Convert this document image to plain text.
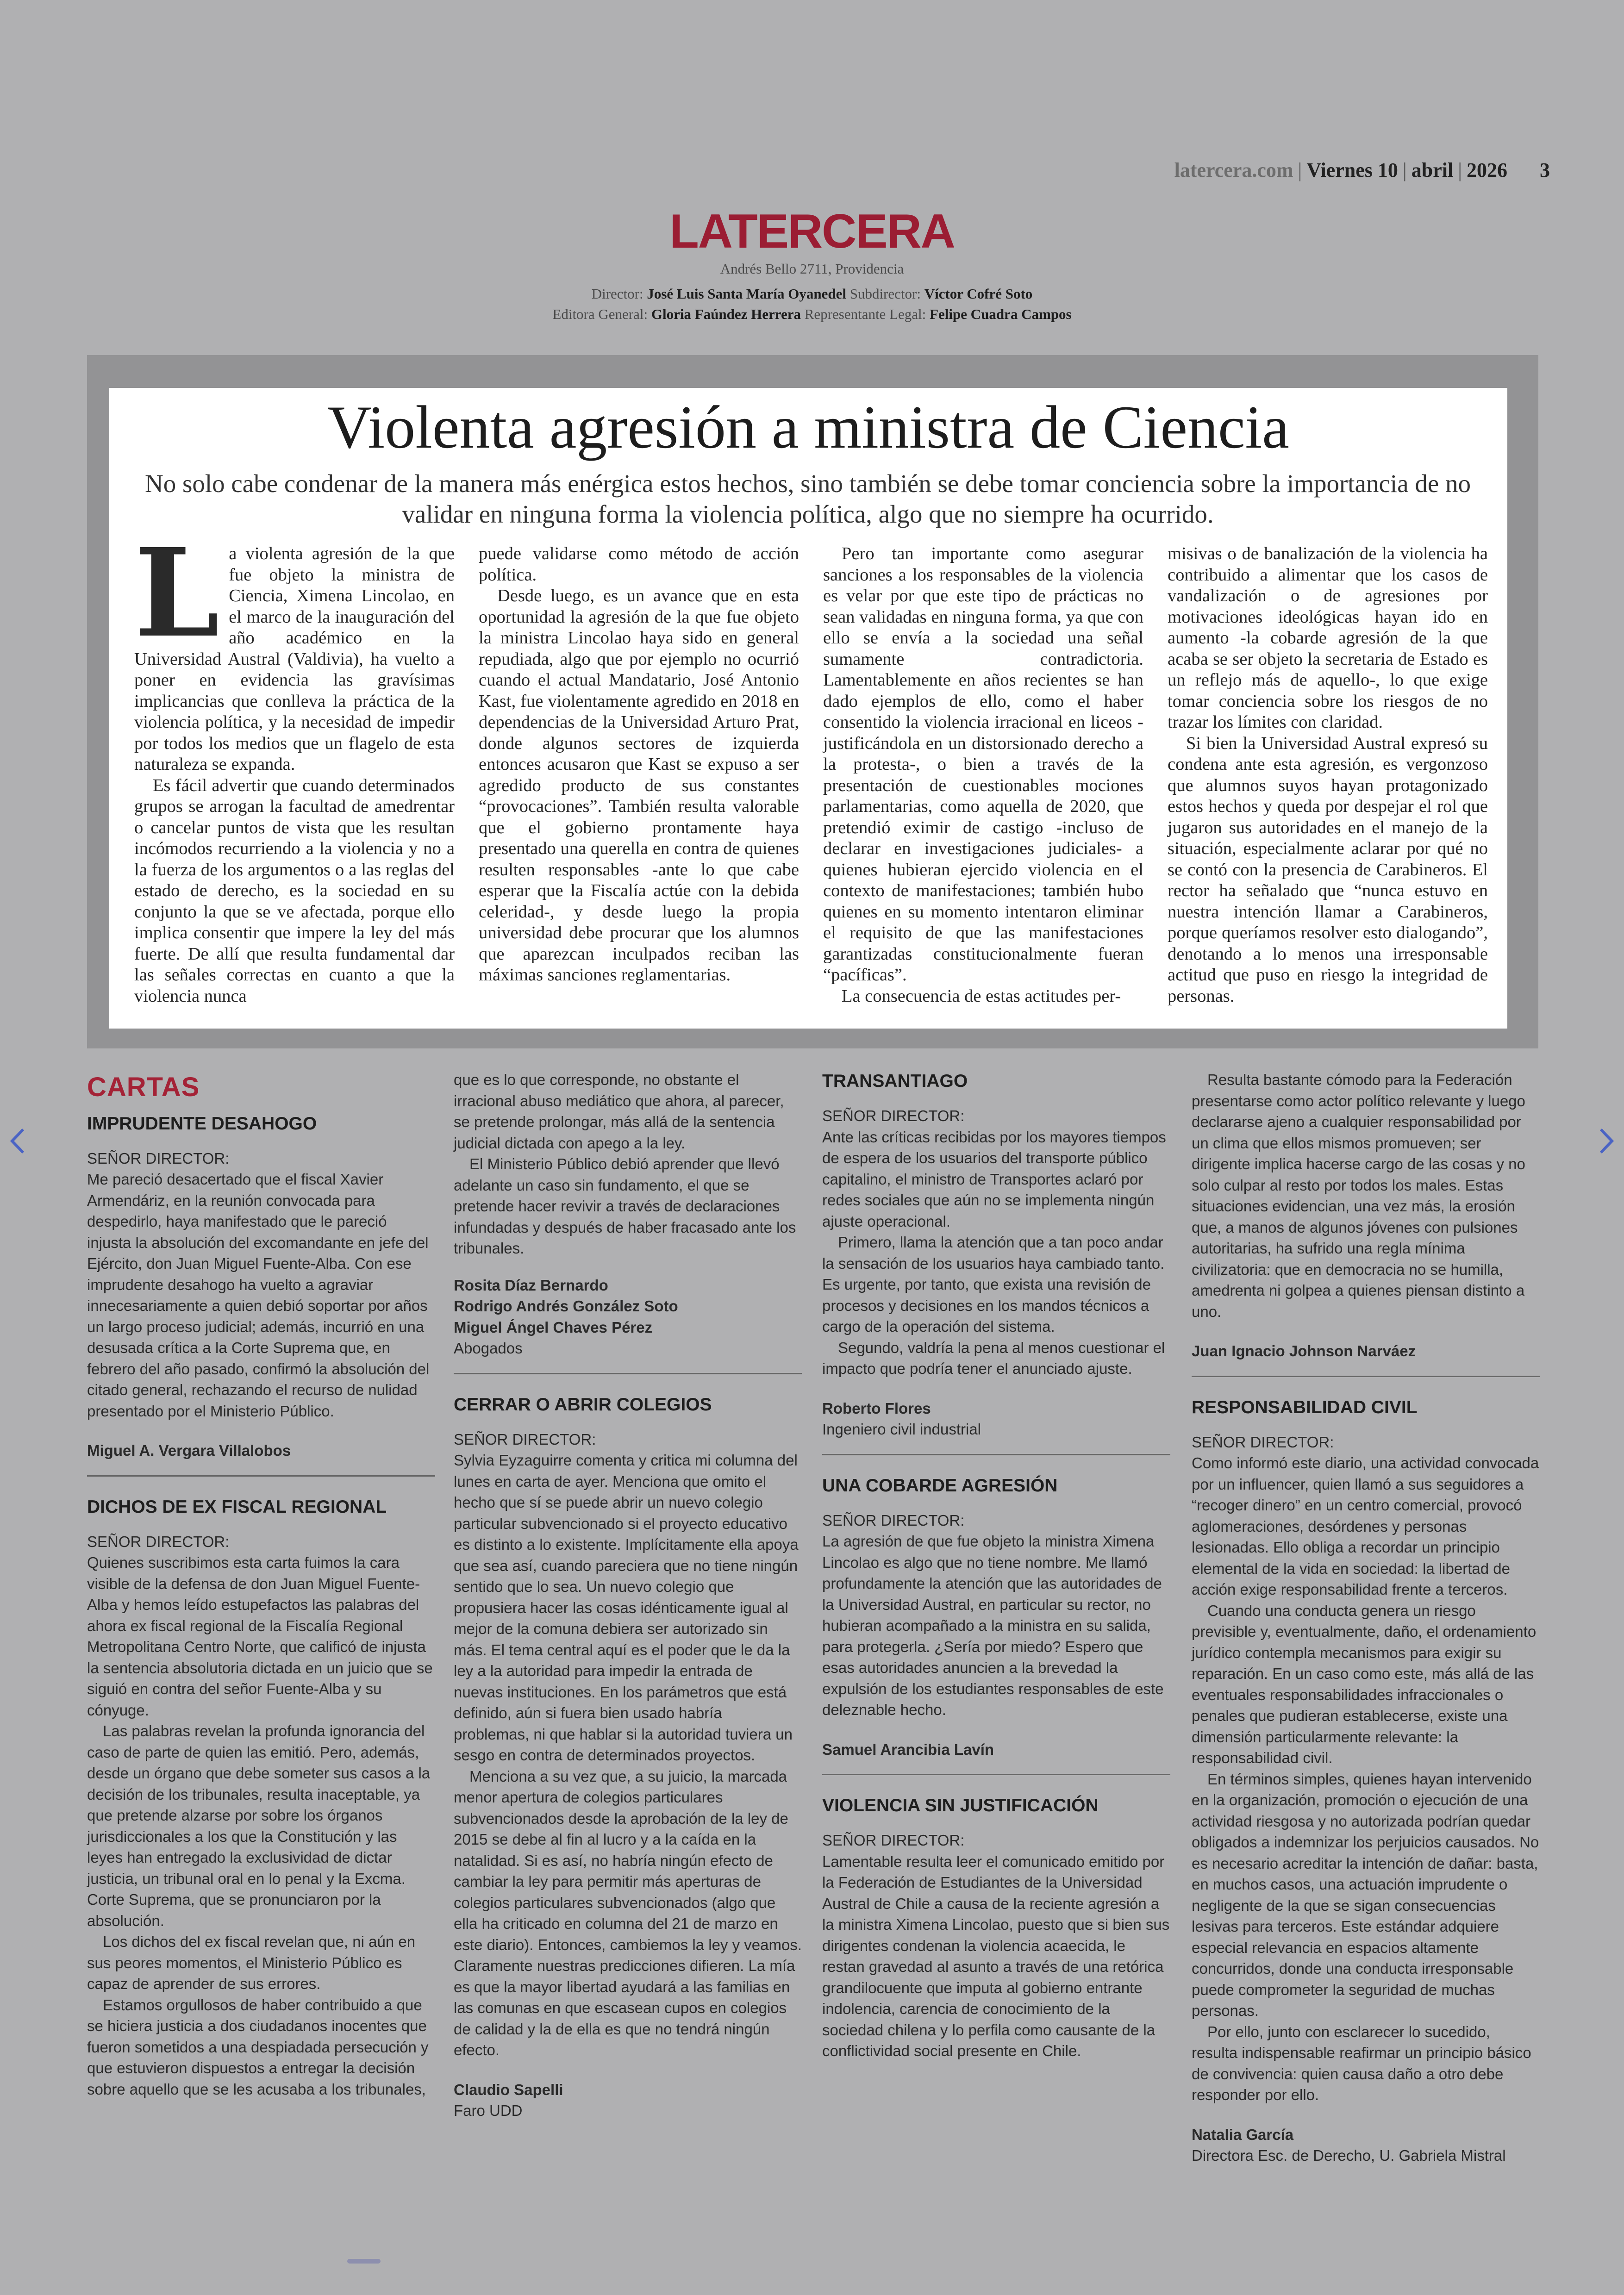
latercera.com | Viernes 10 | abril | 2026 3
LATERCERA
Andrés Bello 2711, Providencia
Director: José Luis Santa María Oyanedel Subdirector: Víctor Cofré Soto
Editora General: Gloria Faúndez Herrera Representante Legal: Felipe Cuadra Campos
Violenta agresión a ministra de Ciencia
No solo cabe condenar de la manera más enérgica estos hechos, sino también se debe tomar conciencia sobre la importancia de no validar en ninguna forma la violencia política, algo que no siempre ha ocurrido.

La violenta agresión de la que fue objeto la ministra de Ciencia, Ximena Lincolao, en el marco de la inauguración del año académico en la Universidad Austral (Valdivia), ha vuelto a poner en evidencia las gravísimas implicancias que conlleva la práctica de la violencia política, y la necesidad de impedir por todos los medios que un flagelo de esta naturaleza se expanda.

Es fácil advertir que cuando determinados grupos se arrogan la facultad de amedrentar o cancelar puntos de vista que les resultan incómodos recurriendo a la violencia y no a la fuerza de los argumentos o a las reglas del estado de derecho, es la sociedad en su conjunto la que se ve afectada, porque ello implica consentir que impere la ley del más fuerte. De allí que resulta fundamental dar las señales correctas en cuanto a que la violencia nunca

puede validarse como método de acción política.

Desde luego, es un avance que en esta oportunidad la agresión de la que fue objeto la ministra Lincolao haya sido en general repudiada, algo que por ejemplo no ocurrió cuando el actual Mandatario, José Antonio Kast, fue violentamente agredido en 2018 en dependencias de la Universidad Arturo Prat, donde algunos sectores de izquierda entonces acusaron que Kast se expuso a ser agredido producto de sus constantes “provocaciones”. También resulta valorable que el gobierno prontamente haya presentado una querella en contra de quienes resulten responsables -ante lo que cabe esperar que la Fiscalía actúe con la debida celeridad-, y desde luego la propia universidad debe procurar que los alumnos que aparezcan inculpados reciban las máximas sanciones reglamentarias.

Pero tan importante como asegurar sanciones a los responsables de la violencia es velar por que este tipo de prácticas no sean validadas en ninguna forma, ya que con ello se envía a la sociedad una señal sumamente contradictoria. Lamentablemente en años recientes se han dado ejemplos de ello, como el haber consentido la violencia irracional en liceos -justificándola en un distorsionado derecho a la protesta-, o bien a través de la presentación de cuestionables mociones parlamentarias, como aquella de 2020, que pretendió eximir de castigo -incluso de declarar en investigaciones judiciales- a quienes hubieran ejercido violencia en el contexto de manifestaciones; también hubo quienes en su momento intentaron eliminar el requisito de que las manifestaciones garantizadas constitucionalmente fueran “pacíficas”.

La consecuencia de estas actitudes per-

misivas o de banalización de la violencia ha contribuido a alimentar que los casos de vandalización o de agresiones por motivaciones ideológicas hayan ido en aumento -la cobarde agresión de la que acaba se ser objeto la secretaria de Estado es un reflejo más de aquello-, lo que exige tomar conciencia sobre los riesgos de no trazar los límites con claridad.

Si bien la Universidad Austral expresó su condena ante esta agresión, es vergonzoso que alumnos suyos hayan protagonizado estos hechos y queda por despejar el rol que jugaron sus autoridades en el manejo de la situación, especialmente aclarar por qué no se contó con la presencia de Carabineros. El rector ha señalado que “nunca estuvo en nuestra intención llamar a Carabineros, porque queríamos resolver esto dialogando”, denotando a lo menos una irresponsable actitud que puso en riesgo la integridad de personas.

CARTAS
IMPRUDENTE DESAHOGO
SEÑOR DIRECTOR:

Me pareció desacertado que el fiscal Xavier Armendáriz, en la reunión convocada para despedirlo, haya manifestado que le pareció injusta la absolución del excomandante en jefe del Ejército, don Juan Miguel Fuente-Alba. Con ese imprudente desahogo ha vuelto a agraviar innecesariamente a quien debió soportar por años un largo proceso judicial; además, incurrió en una desusada crítica a la Corte Suprema que, en febrero del año pasado, confirmó la absolución del citado general, rechazando el recurso de nulidad presentado por el Ministerio Público.

Miguel A. Vergara Villalobos
DICHOS DE EX FISCAL REGIONAL
SEÑOR DIRECTOR:

Quienes suscribimos esta carta fuimos la cara visible de la defensa de don Juan Miguel Fuente-Alba y hemos leído estupefactos las palabras del ahora ex fiscal regional de la Fiscalía Regional Metropolitana Centro Norte, que calificó de injusta la sentencia absolutoria dictada en un juicio que se siguió en contra del señor Fuente-Alba y su cónyuge.

Las palabras revelan la profunda ignorancia del caso de parte de quien las emitió. Pero, además, desde un órgano que debe someter sus casos a la decisión de los tribunales, resulta inaceptable, ya que pretende alzarse por sobre los órganos jurisdiccionales a los que la Constitución y las leyes han entregado la exclusividad de dictar justicia, un tribunal oral en lo penal y la Excma. Corte Suprema, que se pronunciaron por la absolución.

Los dichos del ex fiscal revelan que, ni aún en sus peores momentos, el Ministerio Público es capaz de aprender de sus errores.

Estamos orgullosos de haber contribuido a que se hiciera justicia a dos ciudadanos inocentes que fueron sometidos a una despiadada persecución y que estuvieron dispuestos a entregar la decisión sobre aquello que se les acusaba a los tribunales,

que es lo que corresponde, no obstante el irracional abuso mediático que ahora, al parecer, se pretende prolongar, más allá de la sentencia judicial dictada con apego a la ley.

El Ministerio Público debió aprender que llevó adelante un caso sin fundamento, el que se pretende hacer revivir a través de declaraciones infundadas y después de haber fracasado ante los tribunales.

Rosita Díaz Bernardo
Rodrigo Andrés González Soto
Miguel Ángel Chaves Pérez
Abogados
CERRAR O ABRIR COLEGIOS
SEÑOR DIRECTOR:

Sylvia Eyzaguirre comenta y critica mi columna del lunes en carta de ayer. Menciona que omito el hecho que sí se puede abrir un nuevo colegio particular subvencionado si el proyecto educativo es distinto a lo existente. Implícitamente ella apoya que sea así, cuando pareciera que no tiene ningún sentido que lo sea. Un nuevo colegio que propusiera hacer las cosas idénticamente igual al mejor de la comuna debiera ser autorizado sin más. El tema central aquí es el poder que le da la ley a la autoridad para impedir la entrada de nuevas instituciones. En los parámetros que está definido, aún si fuera bien usado habría problemas, ni que hablar si la autoridad tuviera un sesgo en contra de determinados proyectos.

Menciona a su vez que, a su juicio, la marcada menor apertura de colegios particulares subvencionados desde la aprobación de la ley de 2015 se debe al fin al lucro y a la caída en la natalidad. Si es así, no habría ningún efecto de cambiar la ley para permitir más aperturas de colegios particulares subvencionados (algo que ella ha criticado en columna del 21 de marzo en este diario). Entonces, cambiemos la ley y veamos. Claramente nuestras predicciones difieren. La mía es que la mayor libertad ayudará a las familias en las comunas en que escasean cupos en colegios de calidad y la de ella es que no tendrá ningún efecto.

Claudio Sapelli
Faro UDD
TRANSANTIAGO
SEÑOR DIRECTOR:

Ante las críticas recibidas por los mayores tiempos de espera de los usuarios del transporte público capitalino, el ministro de Transportes aclaró por redes sociales que aún no se implementa ningún ajuste operacional.

Primero, llama la atención que a tan poco andar la sensación de los usuarios haya cambiado tanto. Es urgente, por tanto, que exista una revisión de procesos y decisiones en los mandos técnicos a cargo de la operación del sistema.

Segundo, valdría la pena al menos cuestionar el impacto que podría tener el anunciado ajuste.

Roberto Flores
Ingeniero civil industrial
UNA COBARDE AGRESIÓN
SEÑOR DIRECTOR:

La agresión de que fue objeto la ministra Ximena Lincolao es algo que no tiene nombre. Me llamó profundamente la atención que las autoridades de la Universidad Austral, en particular su rector, no hubieran acompañado a la ministra en su salida, para protegerla. ¿Sería por miedo? Espero que esas autoridades anuncien a la brevedad la expulsión de los estudiantes responsables de este deleznable hecho.

Samuel Arancibia Lavín
VIOLENCIA SIN JUSTIFICACIÓN
SEÑOR DIRECTOR:

Lamentable resulta leer el comunicado emitido por la Federación de Estudiantes de la Universidad Austral de Chile a causa de la reciente agresión a la ministra Ximena Lincolao, puesto que si bien sus dirigentes condenan la violencia acaecida, le restan gravedad al asunto a través de una retórica grandilocuente que imputa al gobierno entrante indolencia, carencia de conocimiento de la sociedad chilena y lo perfila como causante de la conflictividad social presente en Chile.

Resulta bastante cómodo para la Federación presentarse como actor político relevante y luego declararse ajeno a cualquier responsabilidad por un clima que ellos mismos promueven; ser dirigente implica hacerse cargo de las cosas y no solo culpar al resto por todos los males. Estas situaciones evidencian, una vez más, la erosión que, a manos de algunos jóvenes con pulsiones autoritarias, ha sufrido una regla mínima civilizatoria: que en democracia no se humilla, amedrenta ni golpea a quienes piensan distinto a uno.

Juan Ignacio Johnson Narváez
RESPONSABILIDAD CIVIL
SEÑOR DIRECTOR:

Como informó este diario, una actividad convocada por un influencer, quien llamó a sus seguidores a “recoger dinero” en un centro comercial, provocó aglomeraciones, desórdenes y personas lesionadas. Ello obliga a recordar un principio elemental de la vida en sociedad: la libertad de acción exige responsabilidad frente a terceros.

Cuando una conducta genera un riesgo previsible y, eventualmente, daño, el ordenamiento jurídico contempla mecanismos para exigir su reparación. En un caso como este, más allá de las eventuales responsabilidades infraccionales o penales que pudieran establecerse, existe una dimensión particularmente relevante: la responsabilidad civil.

En términos simples, quienes hayan intervenido en la organización, promoción o ejecución de una actividad riesgosa y no autorizada podrían quedar obligados a indemnizar los perjuicios causados. No es necesario acreditar la intención de dañar: basta, en muchos casos, una actuación imprudente o negligente de la que se sigan consecuencias lesivas para terceros. Este estándar adquiere especial relevancia en espacios altamente concurridos, donde una conducta irresponsable puede comprometer la seguridad de muchas personas.

Por ello, junto con esclarecer lo sucedido, resulta indispensable reafirmar un principio básico de convivencia: quien causa daño a otro debe responder por ello.

Natalia García
Directora Esc. de Derecho, U. Gabriela Mistral
